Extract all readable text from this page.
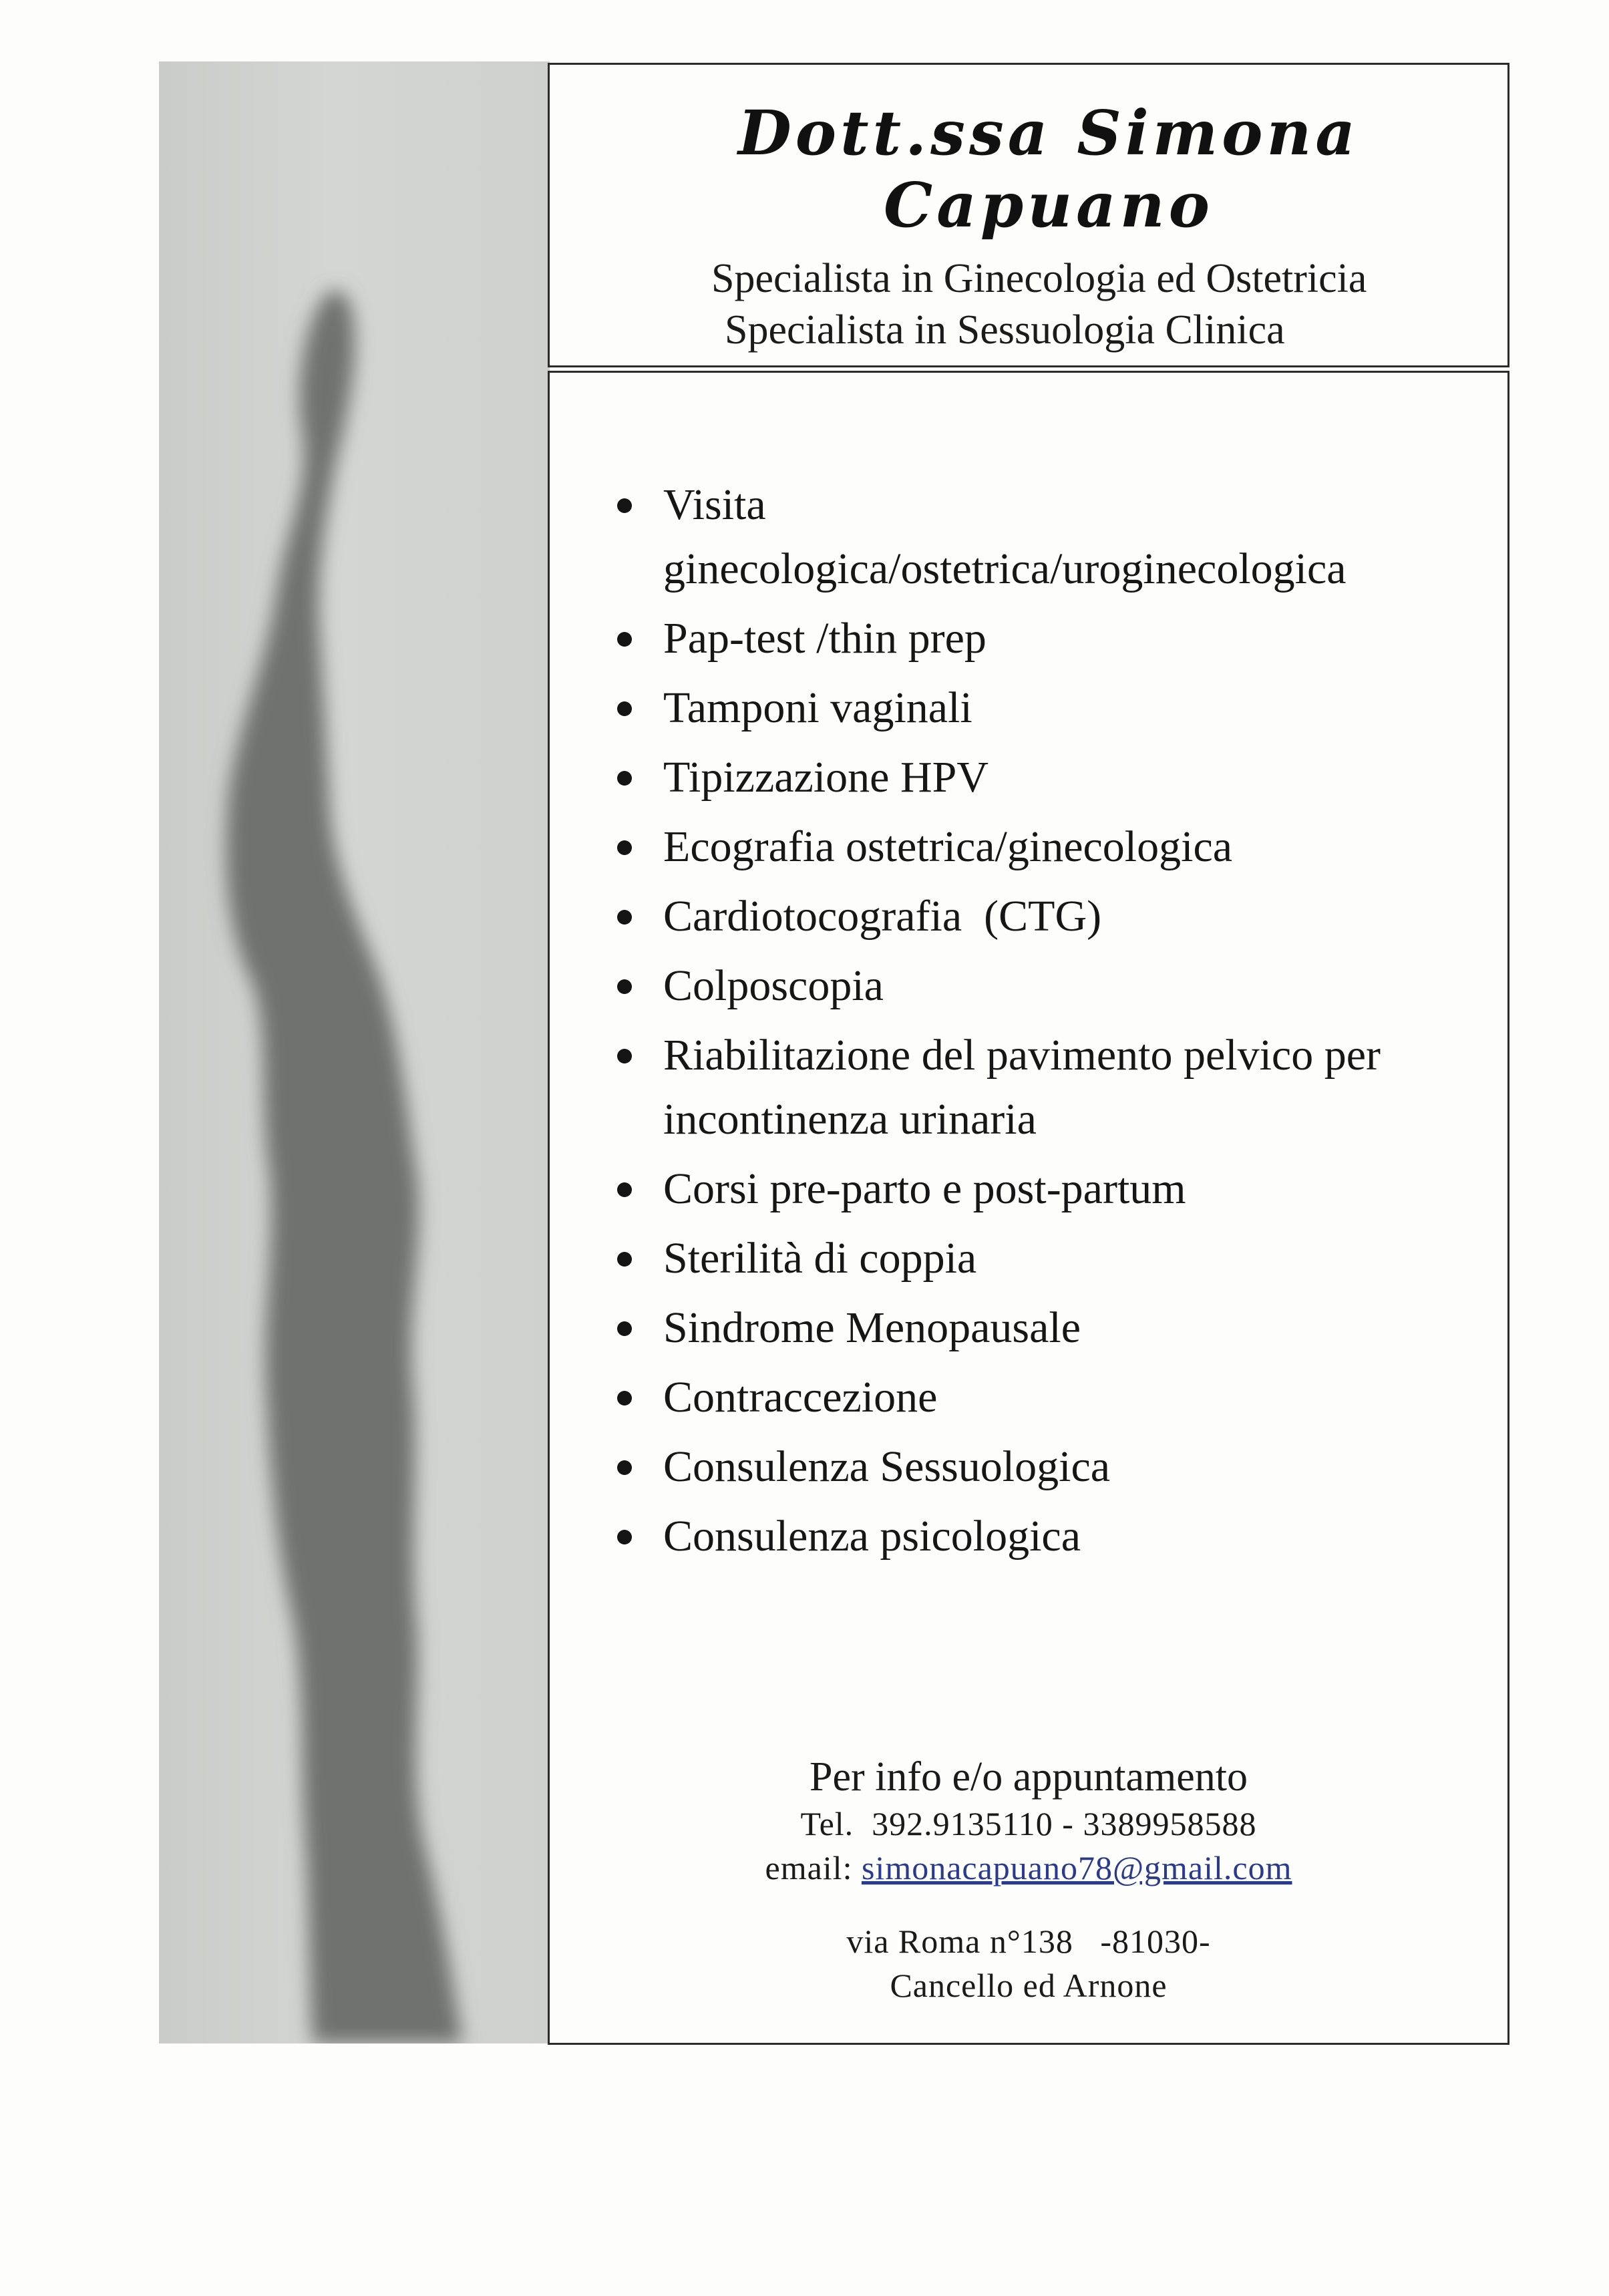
Dott.ssa Simona Capuano
Specialista in Ginecologia ed Ostetricia
Specialista in Sessuologia Clinica
Visita
ginecologica/ostetrica/uroginecologica
Pap-test /thin prep
Tamponi vaginali
Tipizzazione HPV
Ecografia ostetrica/ginecologica
Cardiotocografia  (CTG)
Colposcopia
Riabilitazione del pavimento pelvico per
incontinenza urinaria
Corsi pre-parto e post-partum
Sterilità di coppia
Sindrome Menopausale
Contraccezione
Consulenza Sessuologica
Consulenza psicologica
Per info e/o appuntamento
Tel.  392.9135110 - 3389958588
email: simonacapuano78@gmail.com
via Roma n°138   -81030-
Cancello ed Arnone
